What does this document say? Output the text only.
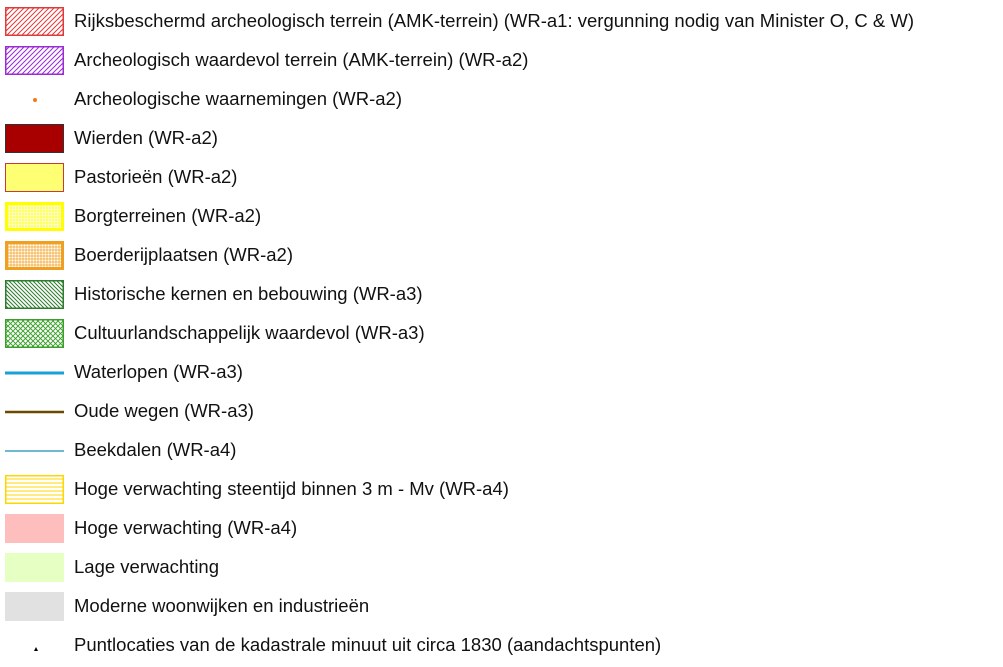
Rijksbeschermd archeologisch terrein (AMK-terrein) (WR-a1: vergunning nodig van Minister O, C & W)
Archeologisch waardevol terrein (AMK-terrein) (WR-a2)
Archeologische waarnemingen (WR-a2)
Wierden (WR-a2)
Pastorieën (WR-a2)
Borgterreinen (WR-a2)
Boerderijplaatsen (WR-a2)
Historische kernen en bebouwing (WR-a3)
Cultuurlandschappelijk waardevol (WR-a3)
Waterlopen (WR-a3)
Oude wegen (WR-a3)
Beekdalen (WR-a4)
Hoge verwachting steentijd binnen 3 m - Mv (WR-a4)
Hoge verwachting (WR-a4)
Lage verwachting
Moderne woonwijken en industrieën
Puntlocaties van de kadastrale minuut uit circa 1830 (aandachtspunten)
